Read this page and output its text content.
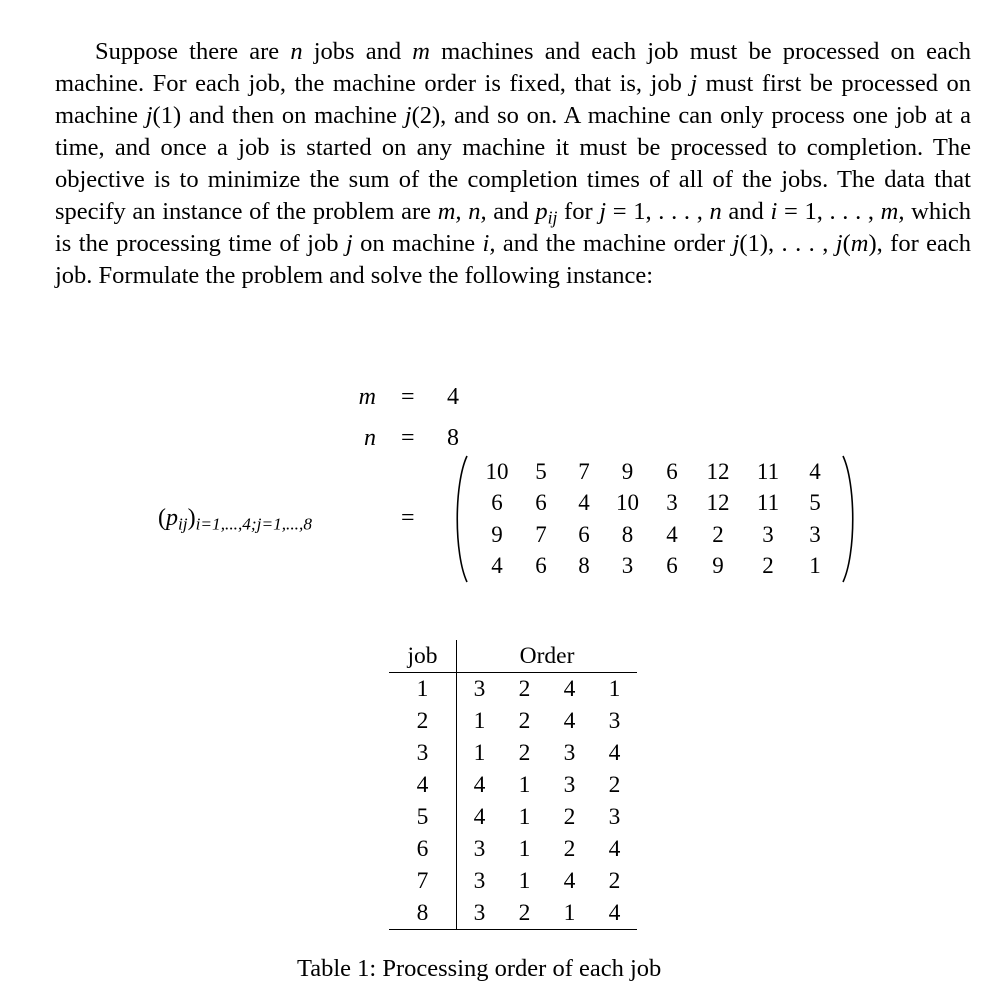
Suppose there are n jobs and m machines and each job must be processed on each machine. For each job, the machine order is fixed, that is, job j must first be processed on machine j(1) and then on machine j(2), and so on. A machine can only process one job at a time, and once a job is started on any machine it must be processed to completion. The objective is to minimize the sum of the completion times of all of the jobs. The data that specify an instance of the problem are m, n, and $p_{ij}$ for j = 1, . . . , n and i = 1, . . . , m, which is the processing time of job j on machine i, and the machine order j(1), . . . , j(m), for each job. Formulate the problem and solve the following instance:

m = 4
n = 8
$(p_{ij})_{i=1,...,4;j=1,...,8}$	=
10	5	7	9	6	12	11	4
6	6	4	10	3	12	11	5
9	7	6	8	4	2	3	3
4	6	8	3	6	9	2	1
job	Order			
1	3	2	4	1
2	1	2	4	3
3	1	2	3	4
4	4	1	3	2
5	4	1	2	3
6	3	1	2	4
7	3	1	4	2
8	3	2	1	4
Table 1: Processing order of each job
